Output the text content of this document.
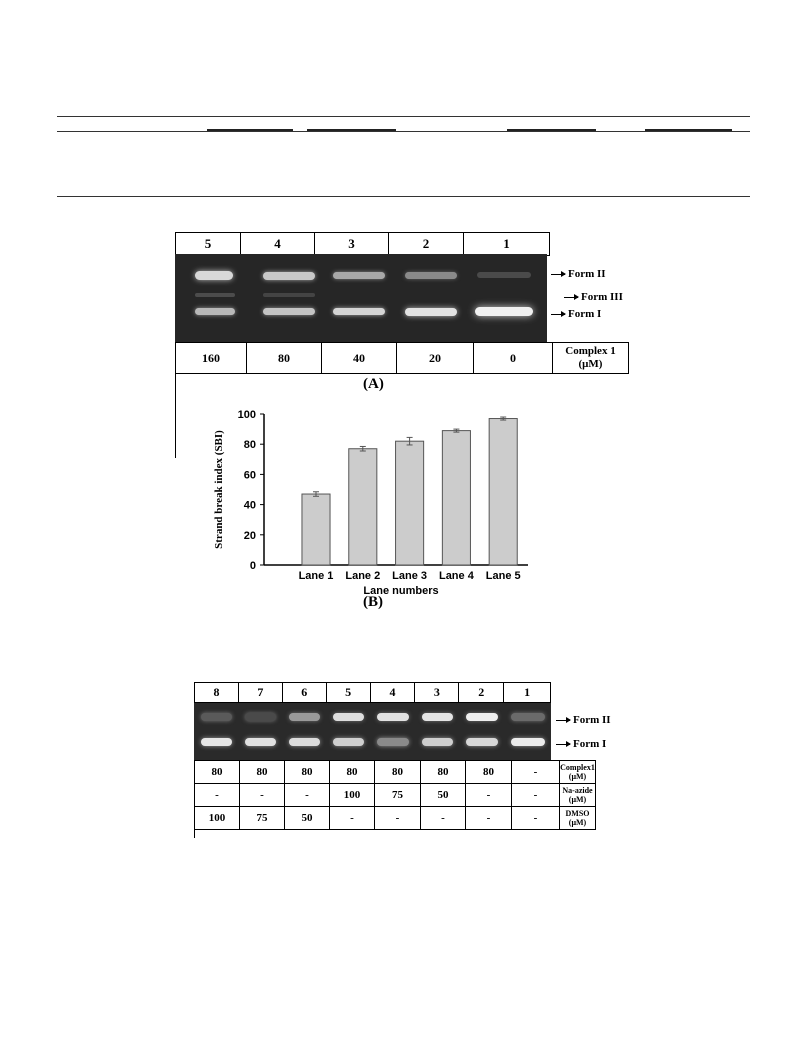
5	4	3	2	1
Form II
Form III
Form I
160	80	40	20	0	Complex 1
(μM)
(A)
0
20
40
60
80
100
Lane 1 Lane 2 Lane 3 Lane 4 Lane 5
Lane numbers
Strand break index (SBI)
(B)
8	7	6	5	4	3	2	1
Form II
Form I
80	80	80	80	80	80	80	-	Complex1
(μM)

-	-	-	100	75	50	-	-	Na-azide
(μM)

100	75	50	-	-	-	-	-	DMSO
(μM)
